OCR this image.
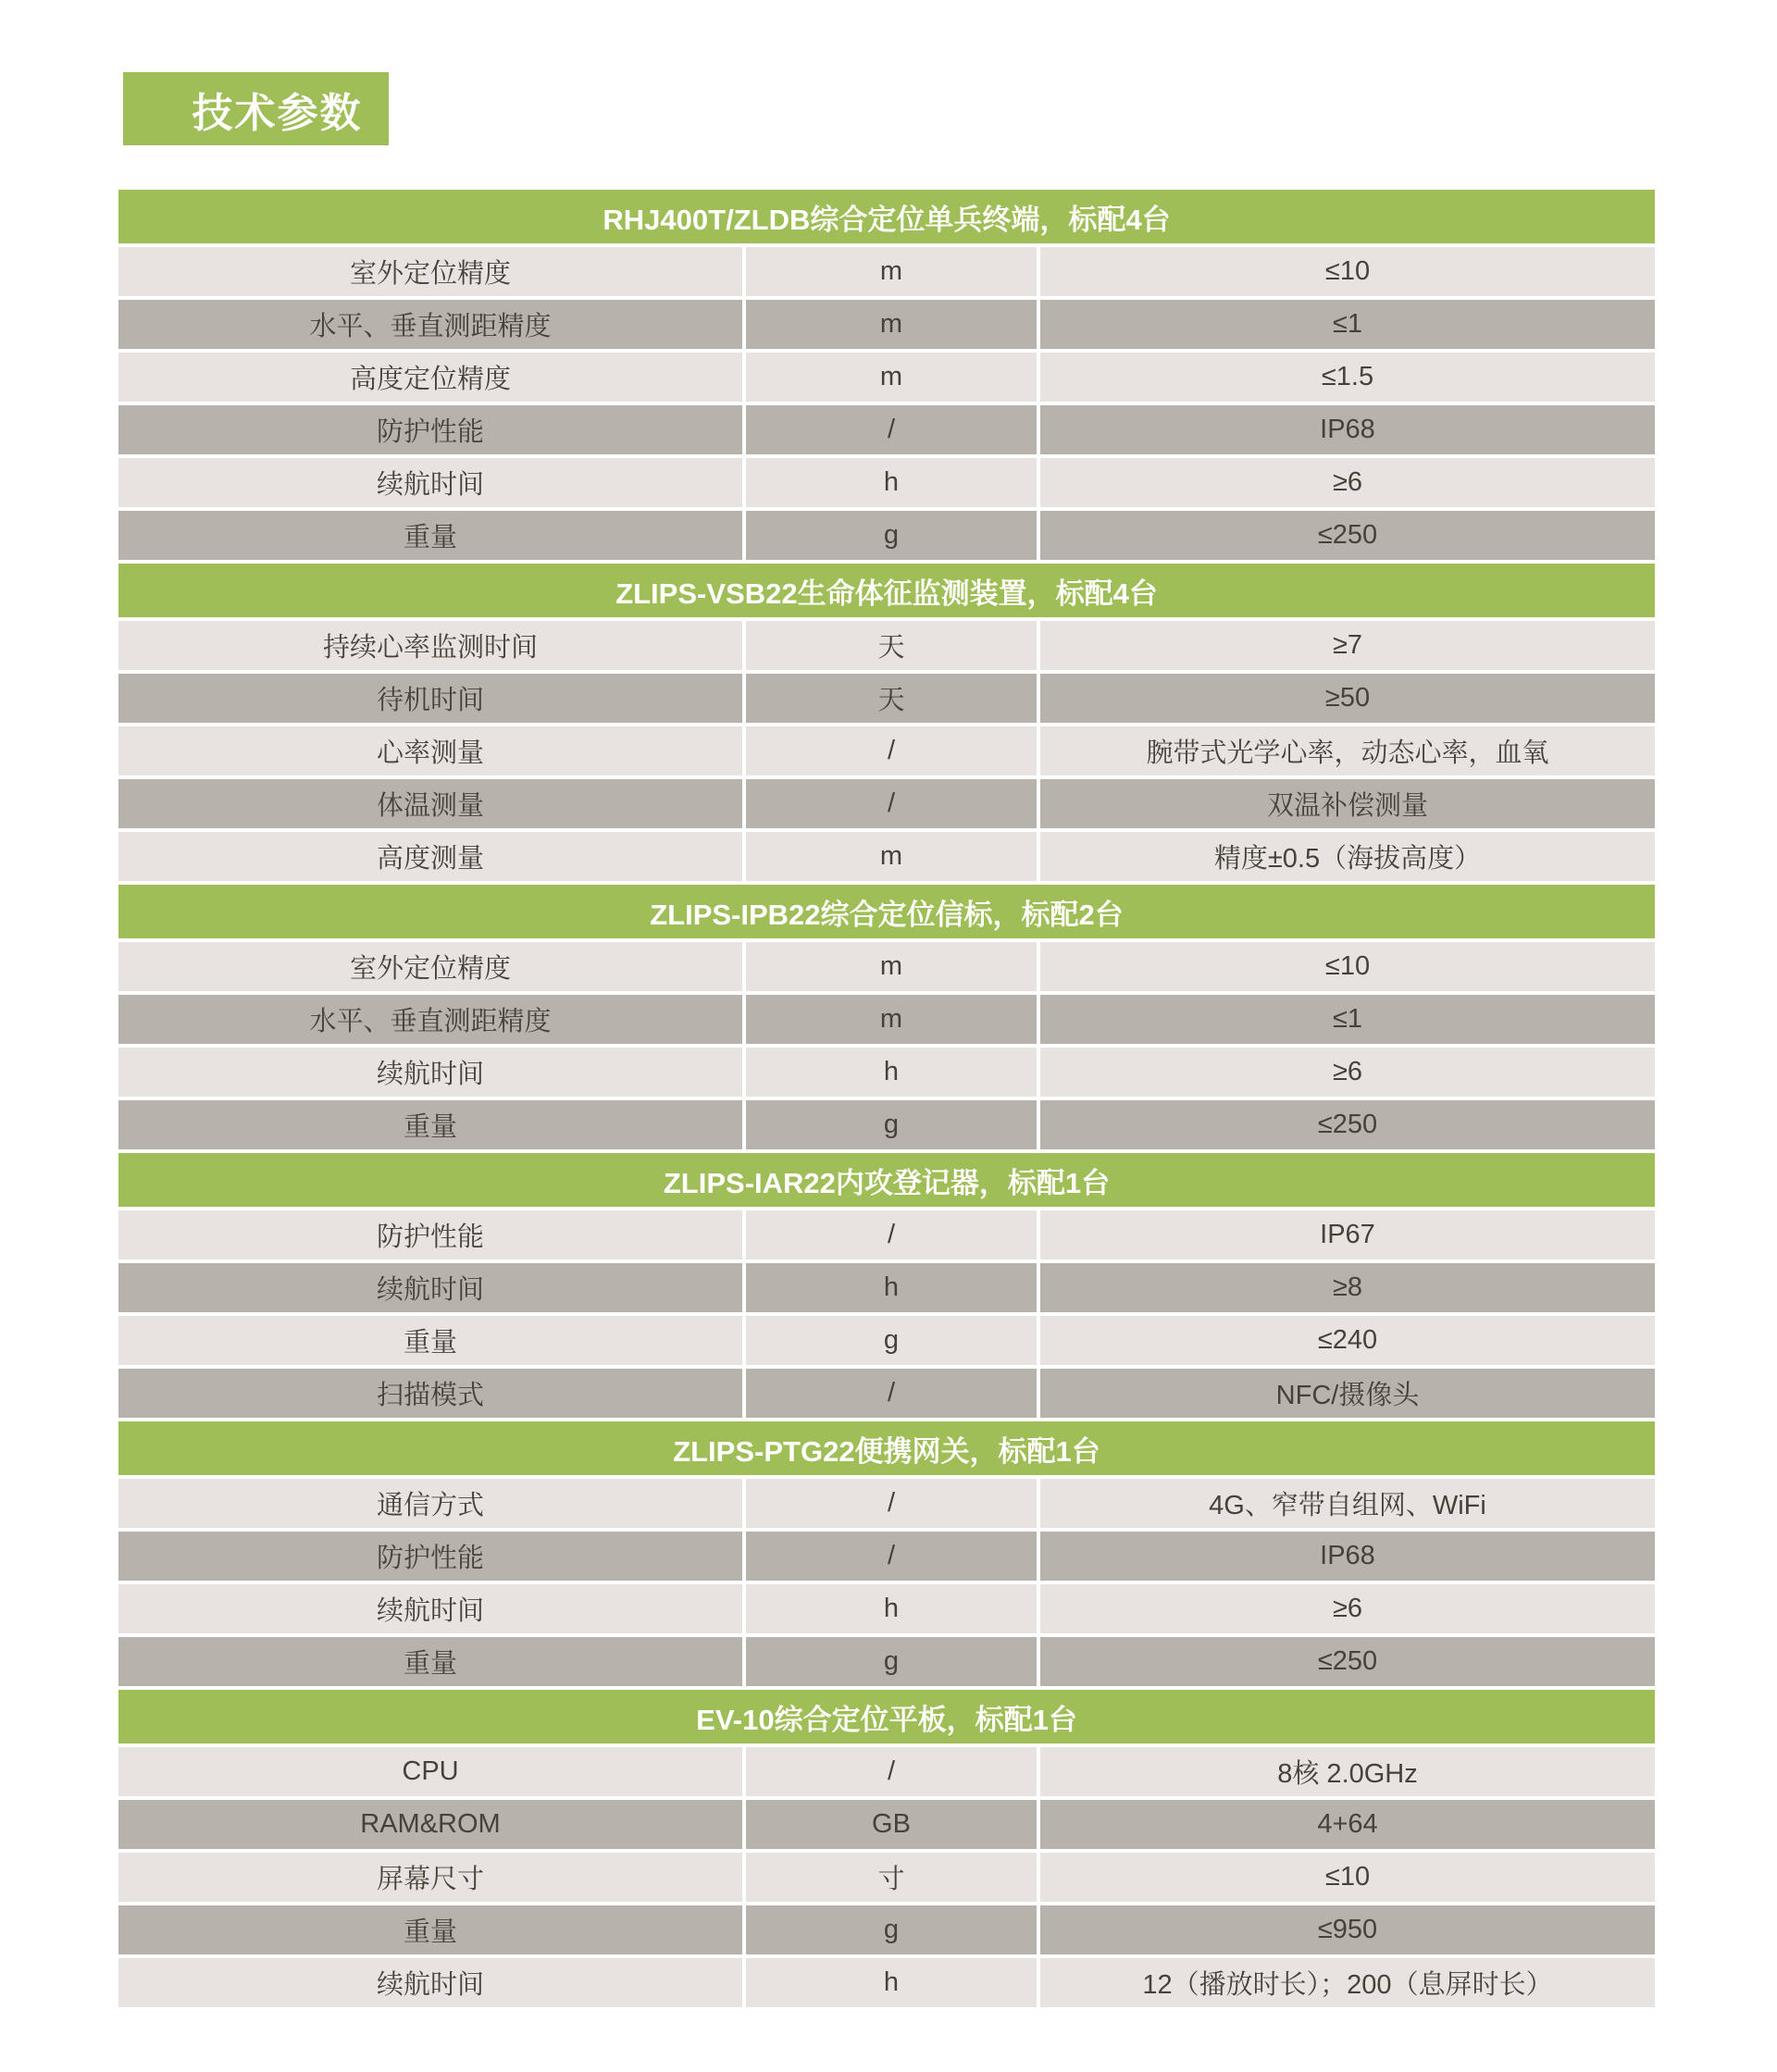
技术参数
RHJ400T/ZLDB综合定位单兵终端，标配4台
室外定位精度	m	≤10
水平、垂直测距精度	m	≤1
高度定位精度	m	≤1.5
防护性能	/	IP68
续航时间	h	≥6
重量	g	≤250
ZLIPS-VSB22生命体征监测装置，标配4台
持续心率监测时间	天	≥7
待机时间	天	≥50
心率测量	/	腕带式光学心率，动态心率，血氧
体温测量	/	双温补偿测量
高度测量	m	精度±0.5（海拔高度）
ZLIPS-IPB22综合定位信标，标配2台
室外定位精度	m	≤10
水平、垂直测距精度	m	≤1
续航时间	h	≥6
重量	g	≤250
ZLIPS-IAR22内攻登记器，标配1台
防护性能	/	IP67
续航时间	h	≥8
重量	g	≤240
扫描模式	/	NFC/摄像头
ZLIPS-PTG22便携网关，标配1台
通信方式	/	4G、窄带自组网、WiFi
防护性能	/	IP68
续航时间	h	≥6
重量	g	≤250
EV-10综合定位平板，标配1台
CPU	/	8核 2.0GHz
RAM&ROM	GB	4+64
屏幕尺寸	寸	≤10
重量	g	≤950
续航时间	h	12（播放时长）；200（息屏时长）
